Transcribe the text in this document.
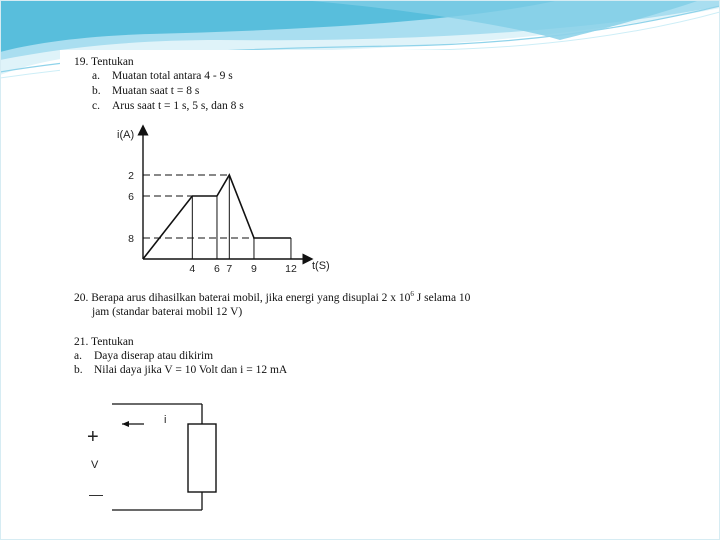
19. Tentukan
a. Muatan total antara 4 - 9 s
b. Muatan saat t = 8 s
c. Arus saat t = 1 s, 5 s, dan 8 s
4 6 7 9	12
8
6
2
i(A)
t(S)
20. Berapa arus dihasilkan baterai mobil, jika energi yang disuplai 2 x $10^6$ J selama 10
jam (standar baterai mobil 12 V)
21. Tentukan
a. Daya diserap atau dikirim
b. Nilai daya jika V = 10 Volt dan i = 12 mA
i
+
V
—
